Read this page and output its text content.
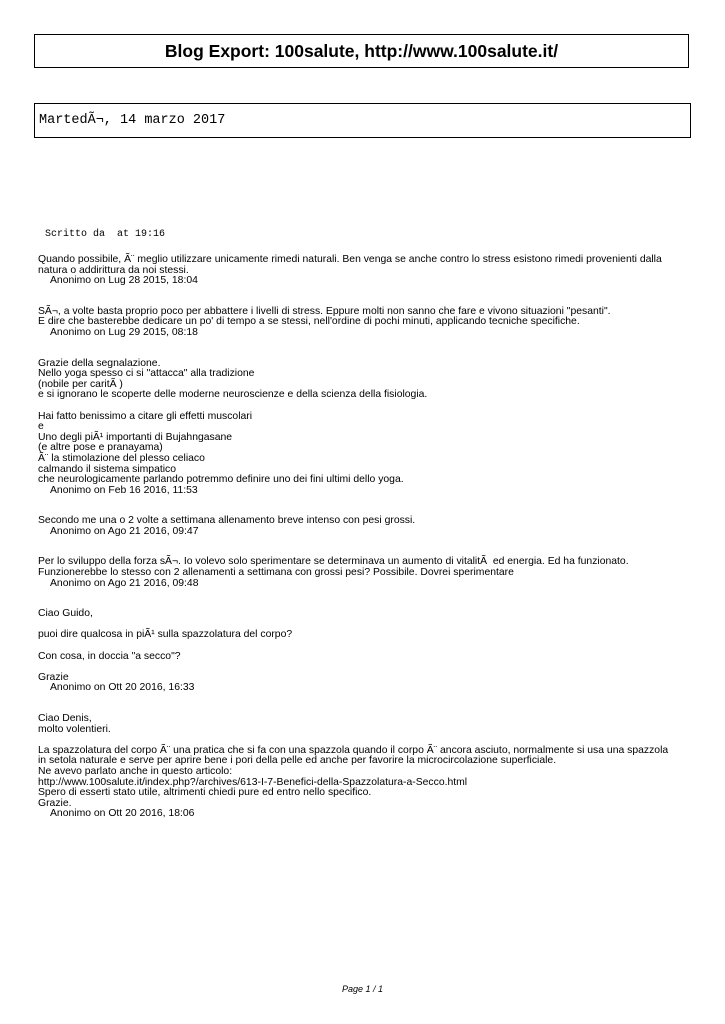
Blog Export: 100salute, http://www.100salute.it/
MartedÃ¬, 14 marzo 2017
Scritto da  at 19:16
Quando possibile, Ã¨ meglio utilizzare unicamente rimedi naturali. Ben venga se anche contro lo stress esistono rimedi provenienti dalla natura o addirittura da noi stessi.
Anonimo on Lug 28 2015, 18:04
SÃ¬, a volte basta proprio poco per abbattere i livelli di stress. Eppure molti non sanno che fare e vivono situazioni "pesanti".
E dire che basterebbe dedicare un po' di tempo a se stessi, nell'ordine di pochi minuti, applicando tecniche specifiche.
Anonimo on Lug 29 2015, 08:18
Grazie della segnalazione.
Nello yoga spesso ci si "attacca" alla tradizione
(nobile per caritÃ )
e si ignorano le scoperte delle moderne neuroscienze e della scienza della fisiologia.

Hai fatto benissimo a citare gli effetti muscolari
e
Uno degli piÃ¹ importanti di Bujahngasane
(e altre pose e pranayama)
Ã¨ la stimolazione del plesso celiaco
calmando il sistema simpatico
che neurologicamente parlando potremmo definire uno dei fini ultimi dello yoga.
Anonimo on Feb 16 2016, 11:53
Secondo me una o 2 volte a settimana allenamento breve intenso con pesi grossi.
Anonimo on Ago 21 2016, 09:47
Per lo sviluppo della forza sÃ¬. Io volevo solo sperimentare se determinava un aumento di vitalitÃ  ed energia. Ed ha funzionato.
Funzionerebbe lo stesso con 2 allenamenti a settimana con grossi pesi? Possibile. Dovrei sperimentare
Anonimo on Ago 21 2016, 09:48
Ciao Guido,

puoi dire qualcosa in piÃ¹ sulla spazzolatura del corpo?

Con cosa, in doccia "a secco"?

Grazie
Anonimo on Ott 20 2016, 16:33
Ciao Denis,
molto volentieri.

La spazzolatura del corpo Ã¨ una pratica che si fa con una spazzola quando il corpo Ã¨ ancora asciuto, normalmente si usa una spazzola in setola naturale e serve per aprire bene i pori della pelle ed anche per favorire la microcircolazione superficiale.
Ne avevo parlato anche in questo articolo:
http://www.100salute.it/index.php?/archives/613-I-7-Benefici-della-Spazzolatura-a-Secco.html
Spero di esserti stato utile, altrimenti chiedi pure ed entro nello specifico.
Grazie.
Anonimo on Ott 20 2016, 18:06
Page 1 / 1
